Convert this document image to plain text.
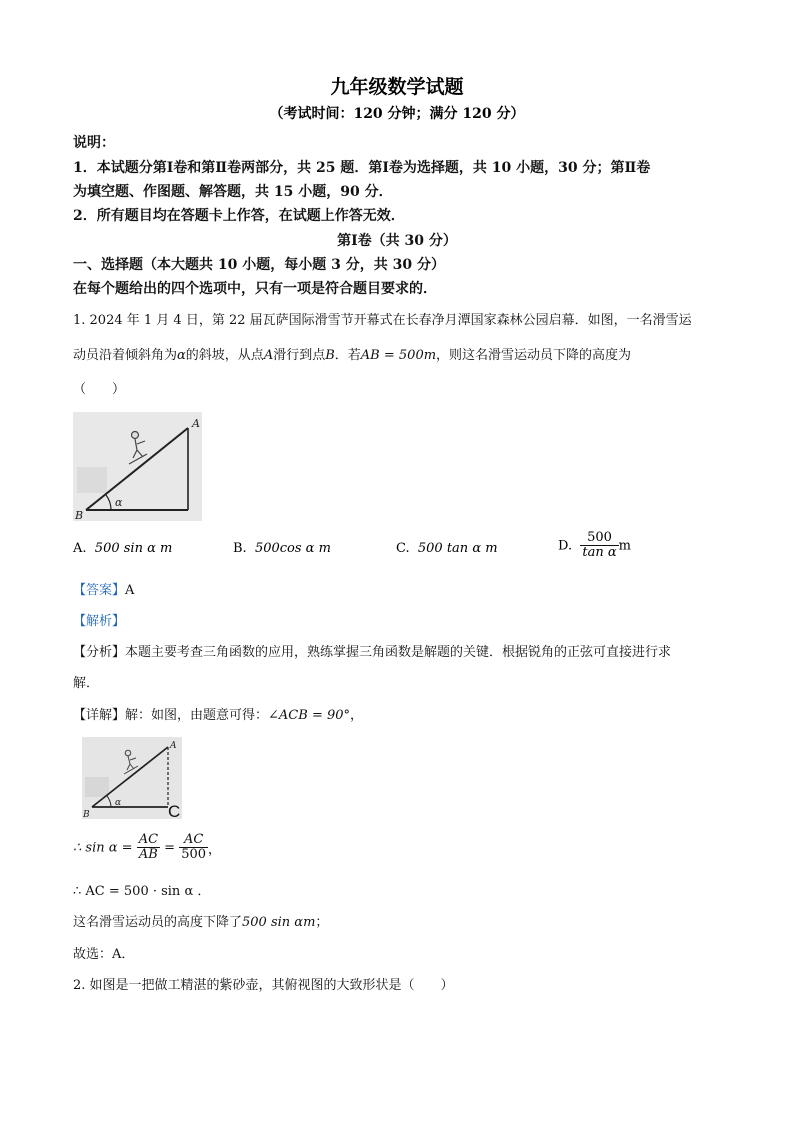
九年级数学试题
（考试时间：120 分钟；满分 120 分）
说明：
1．本试题分第Ⅰ卷和第Ⅱ卷两部分，共 25 题．第Ⅰ卷为选择题，共 10 小题，30 分；第Ⅱ卷
为填空题、作图题、解答题，共 15 小题，90 分．
2．所有题目均在答题卡上作答，在试题上作答无效．
第Ⅰ卷（共 30 分）
一、选择题（本大题共 10 小题，每小题 3 分，共 30 分）
在每个题给出的四个选项中，只有一项是符合题目要求的．
1. 2024 年 1 月 4 日，第 22 届瓦萨国际滑雪节开幕式在长春净月潭国家森林公园启幕．如图，一名滑雪运
动员沿着倾斜角为α的斜坡，从点A滑行到点B．若AB = 500m，则这名滑雪运动员下降的高度为
（　　）
A
B
α
A. 500 sin α m	B. 500cos α m	C. 500 tan α m	D. $\frac{500}{\text{tan α}}$ m
【答案】A
【解析】
【分析】本题主要考查三角函数的应用，熟练掌握三角函数是解题的关键．根据锐角的正弦可直接进行求
解．
【详解】解：如图，由题意可得：∠ACB = 90°，
A
B
α	C
∴ $\sin \alpha = \frac{AC}{AB} = \frac{AC}{500}$ ，
∴ AC = 500 · sin α ．
这名滑雪运动员的高度下降了500 sin αm；
故选：A．
2. 如图是一把做工精湛的紫砂壶，其俯视图的大致形状是（　　）
